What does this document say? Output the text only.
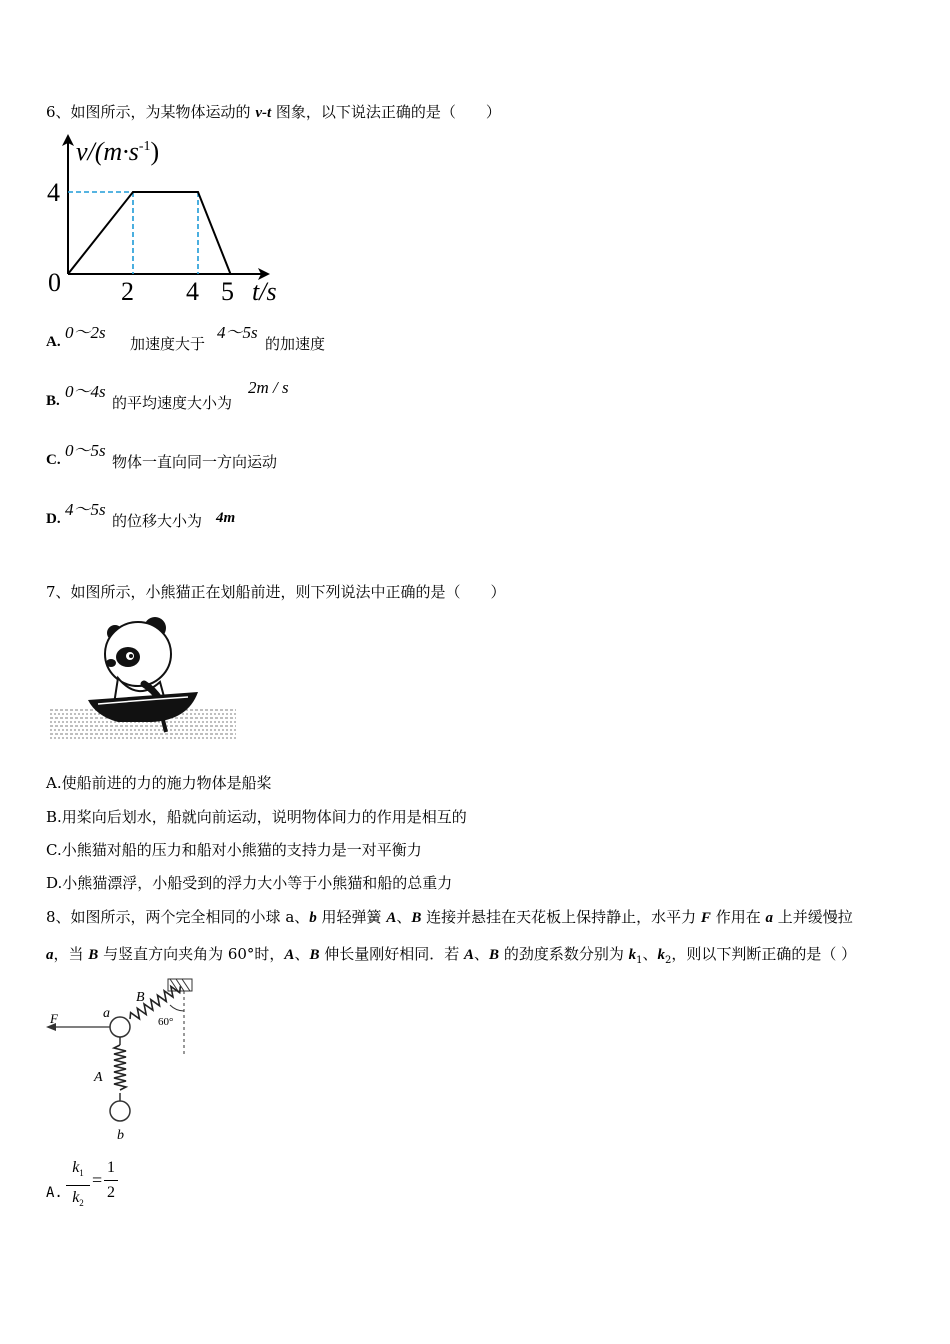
6、如图所示，为某物体运动的 v-t 图象，以下说法正确的是（　　）
$v/(m\cdot s^{-1})$
t/s
0
4
2 4 5
A. 0～2s
加速度大于
4～5s
的加速度
B. 0～4s
的平均速度大小为
2m / s
C. 0～5s
物体一直向同一方向运动
D. 4～5s
的位移大小为 4m
7、如图所示，小熊猫正在划船前进，则下列说法中正确的是（　　）
A.使船前进的力的施力物体是船桨
B.用桨向后划水，船就向前运动，说明物体间力的作用是相互的
C.小熊猫对船的压力和船对小熊猫的支持力是一对平衡力
D.小熊猫漂浮，小船受到的浮力大小等于小熊猫和船的总重力
8、如图所示，两个完全相同的小球 a、b 用轻弹簧 A、B 连接并悬挂在天花板上保持静止，水平力 F 作用在 a 上并缓慢拉
a，当 B 与竖直方向夹角为 60°时，A、B 伸长量刚好相同．若 A、B 的劲度系数分别为 $k_1$、$k_2$，则以下判断正确的是（ ）
F	a
B
60°
A
b
A.
$k_1$
$k_2$
=
1
2
